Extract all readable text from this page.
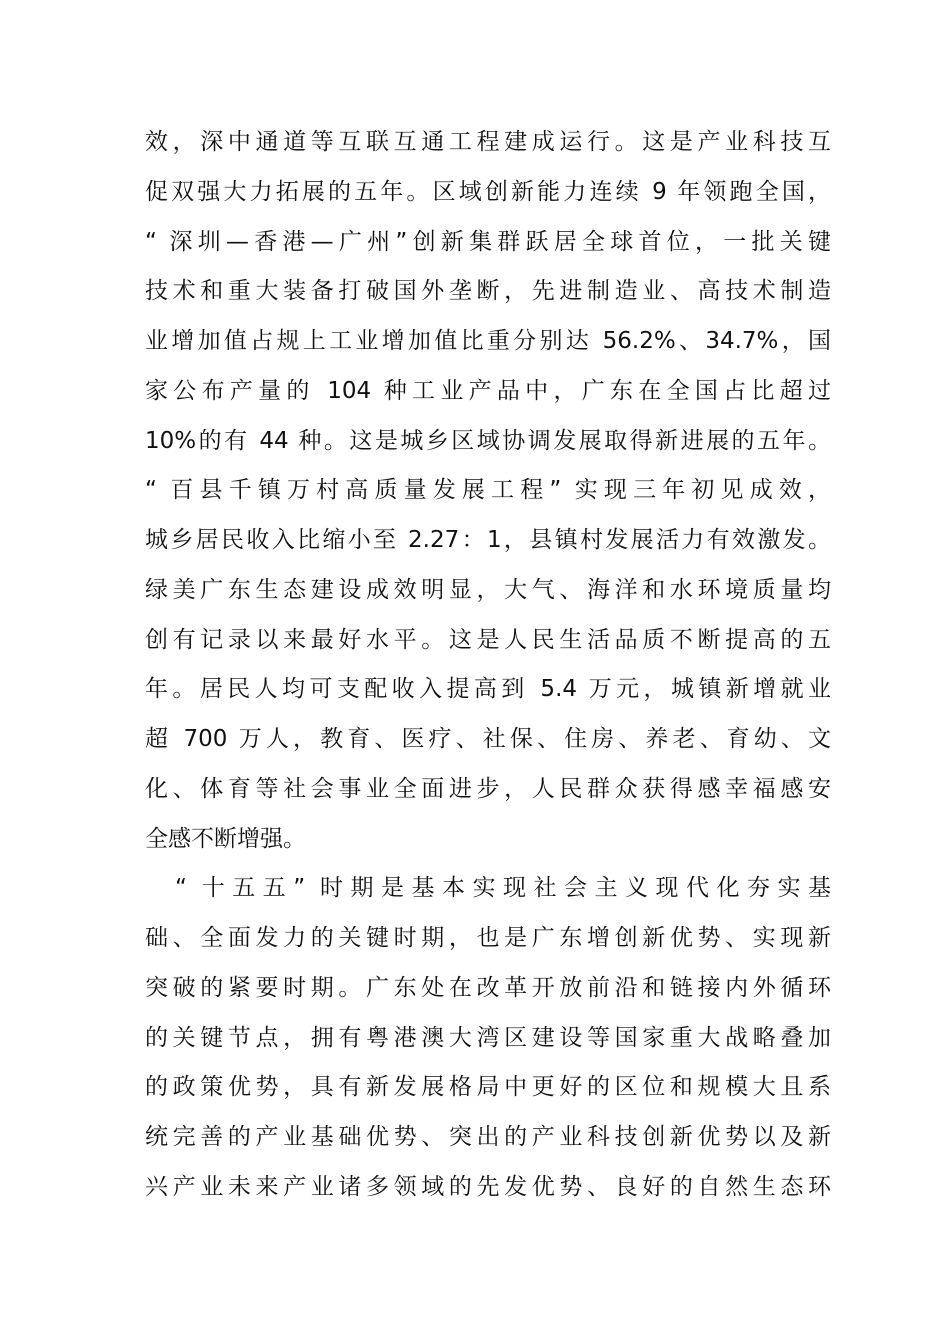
效，深中通道等互联互通工程建成运行。这是产业科技互
促双强大力拓展的五年。区域创新能力连续 9 年领跑全国，
“ 深圳—香港—广州”创新集群跃居全球首位，一批关键
技术和重大装备打破国外垄断，先进制造业、高技术制造
业增加值占规上工业增加值比重分别达 56.2%、34.7%，国
家公布产量的 104 种工业产品中，广东在全国占比超过
10%的有 44 种。这是城乡区域协调发展取得新进展的五年。
“ 百县千镇万村高质量发展工程” 实现三年初见成效，
城乡居民收入比缩小至 2.27：1，县镇村发展活力有效激发。
绿美广东生态建设成效明显，大气、海洋和水环境质量均
创有记录以来最好水平。这是人民生活品质不断提高的五
年。居民人均可支配收入提高到 5.4 万元，城镇新增就业
超 700 万人，教育、医疗、社保、住房、养老、育幼、文
化、体育等社会事业全面进步，人民群众获得感幸福感安
全感不断增强。
“ 十五五” 时期是基本实现社会主义现代化夯实基
础、全面发力的关键时期，也是广东增创新优势、实现新
突破的紧要时期。广东处在改革开放前沿和链接内外循环
的关键节点，拥有粤港澳大湾区建设等国家重大战略叠加
的政策优势，具有新发展格局中更好的区位和规模大且系
统完善的产业基础优势、突出的产业科技创新优势以及新
兴产业未来产业诸多领域的先发优势、良好的自然生态环
